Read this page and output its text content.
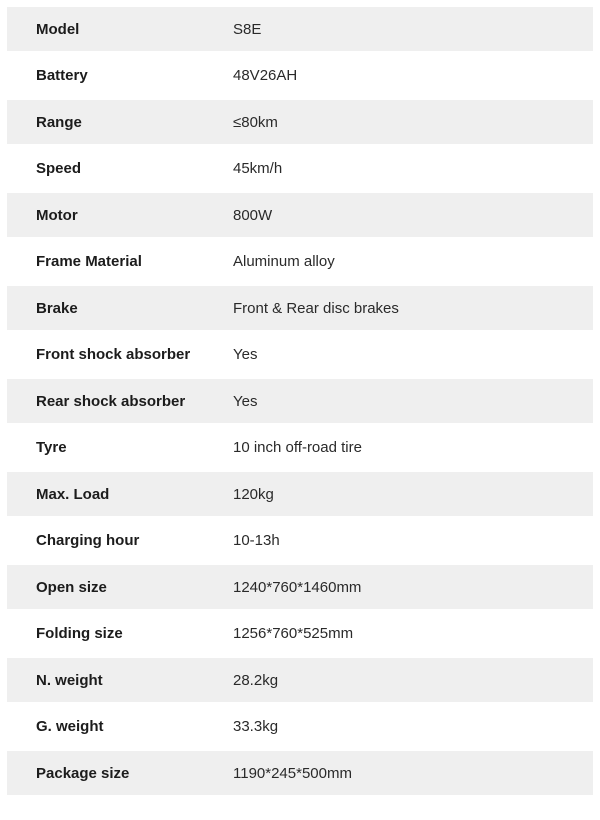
Model	S8E
Battery	48V26AH
Range	≤80km
Speed	45km/h
Motor	800W
Frame Material	Aluminum alloy
Brake	Front & Rear disc brakes
Front shock absorber	Yes
Rear shock absorber	Yes
Tyre	10 inch off-road tire
Max. Load	120kg
Charging hour	10-13h
Open size	1240*760*1460mm
Folding size	1256*760*525mm
N. weight	28.2kg
G. weight	33.3kg
Package size	1190*245*500mm
